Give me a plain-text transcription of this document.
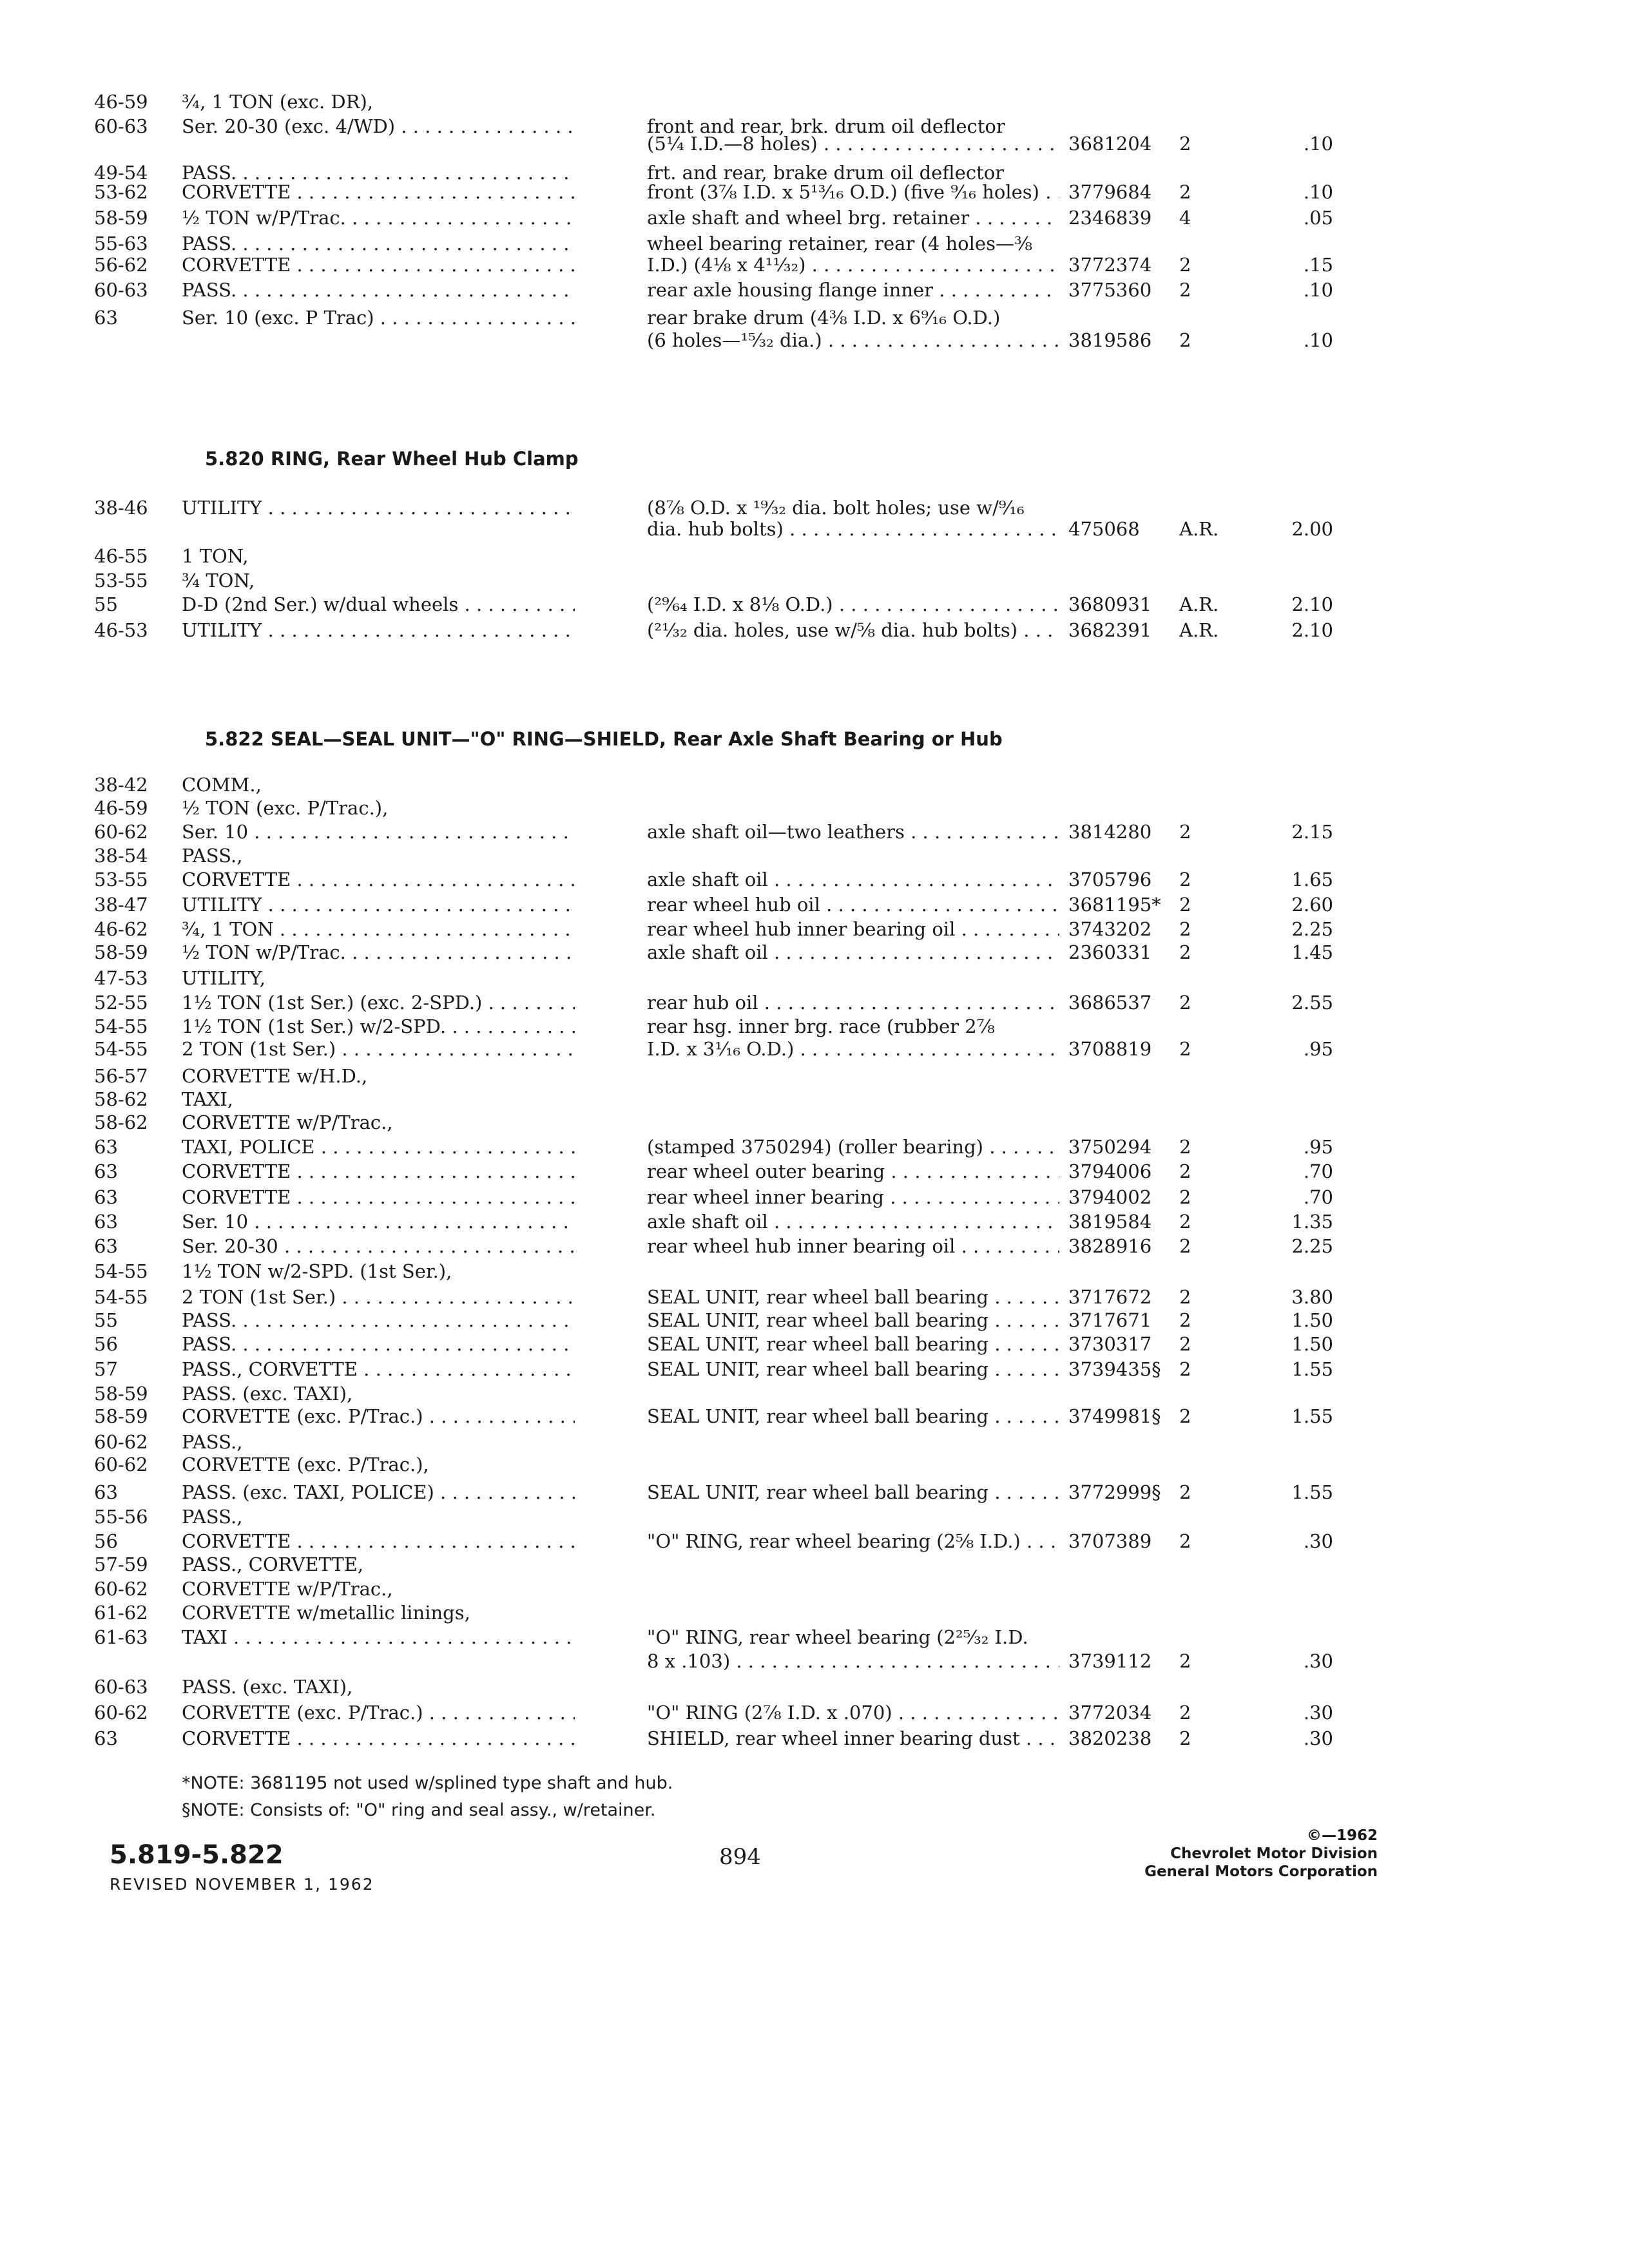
46-59 ¾, 1 TON (exc. DR),
60-63 Ser. 20-30 (exc. 4/WD) . . .	front and rear, brk. drum oil deflector
(5¼ I.D.—8 holes) . . .	3681204 2	.10
49-54 PASS. . . .	frt. and rear, brake drum oil deflector
53-62 CORVETTE . . .	front (3⅞ I.D. x 5¹³⁄₁₆ O.D.) (five ⁹⁄₁₆ holes) . . .	3779684 2	.10
58-59 ½ TON w/P/Trac. . . .	axle shaft and wheel brg. retainer . . .	2346839 4	.05
55-63 PASS. . . .	wheel bearing retainer, rear (4 holes—⅜
56-62 CORVETTE . . .	I.D.) (4⅛ x 4¹¹⁄₃₂) . . .	3772374 2	.15
60-63 PASS. . . .	rear axle housing flange inner . . .	3775360 2	.10
63	Ser. 10 (exc. P Trac) . . .	rear brake drum (4⅜ I.D. x 6⁹⁄₁₆ O.D.)
(6 holes—¹⁵⁄₃₂ dia.) . . .	3819586 2	.10
5.820 RING, Rear Wheel Hub Clamp
38-46 UTILITY . . .	(8⅞ O.D. x ¹⁹⁄₃₂ dia. bolt holes; use w/⁹⁄₁₆
dia. hub bolts) . . .	475068 A.R.	2.00
46-55 1 TON,
53-55 ¾ TON,
55	D-D (2nd Ser.) w/dual wheels . . .	(²⁹⁄₆₄ I.D. x 8⅛ O.D.) . . .	3680931 A.R.	2.10
46-53 UTILITY . . .	(²¹⁄₃₂ dia. holes, use w/⅝ dia. hub bolts) . . .	3682391 A.R.	2.10
5.822 SEAL—SEAL UNIT—"O" RING—SHIELD, Rear Axle Shaft Bearing or Hub
38-42 COMM.,
46-59 ½ TON (exc. P/Trac.),
60-62 Ser. 10 . . .	axle shaft oil—two leathers . . .	3814280 2	2.15
38-54 PASS.,
53-55 CORVETTE . . .	axle shaft oil . . .	3705796 2	1.65
38-47 UTILITY . . .	rear wheel hub oil . . .	3681195* 2	2.60
46-62 ¾, 1 TON . . .	rear wheel hub inner bearing oil . . .	3743202 2	2.25
58-59 ½ TON w/P/Trac. . . .	axle shaft oil . . .	2360331 2	1.45
47-53 UTILITY,
52-55 1½ TON (1st Ser.) (exc. 2-SPD.) . . .	rear hub oil . . .	3686537 2	2.55
54-55 1½ TON (1st Ser.) w/2-SPD. . . .	rear hsg. inner brg. race (rubber 2⅞
54-55 2 TON (1st Ser.) . . .	I.D. x 3¹⁄₁₆ O.D.) . . .	3708819 2	.95
56-57 CORVETTE w/H.D.,
58-62 TAXI,
58-62 CORVETTE w/P/Trac.,
63	TAXI, POLICE . . .	(stamped 3750294) (roller bearing) . . .	3750294 2	.95
63	CORVETTE . . .	rear wheel outer bearing . . .	3794006 2	.70
63	CORVETTE . . .	rear wheel inner bearing . . .	3794002 2	.70
63	Ser. 10 . . .	axle shaft oil . . .	3819584 2	1.35
63	Ser. 20-30 . . .	rear wheel hub inner bearing oil . . .	3828916 2	2.25
54-55 1½ TON w/2-SPD. (1st Ser.),
54-55 2 TON (1st Ser.) . . .	SEAL UNIT, rear wheel ball bearing . . .	3717672 2	3.80
55	PASS. . . .	SEAL UNIT, rear wheel ball bearing . . .	3717671 2	1.50
56	PASS. . . .	SEAL UNIT, rear wheel ball bearing . . .	3730317 2	1.50
57	PASS., CORVETTE . . .	SEAL UNIT, rear wheel ball bearing . . .	3739435§ 2	1.55
58-59 PASS. (exc. TAXI),
58-59 CORVETTE (exc. P/Trac.) . . .	SEAL UNIT, rear wheel ball bearing . . .	3749981§ 2	1.55
60-62 PASS.,
60-62 CORVETTE (exc. P/Trac.),
63	PASS. (exc. TAXI, POLICE) . . .	SEAL UNIT, rear wheel ball bearing . . .	3772999§ 2	1.55
55-56 PASS.,
56	CORVETTE . . .	"O" RING, rear wheel bearing (2⅝ I.D.) . . .	3707389 2	.30
57-59 PASS., CORVETTE,
60-62 CORVETTE w/P/Trac.,
61-62 CORVETTE w/metallic linings,
61-63 TAXI . . .	"O" RING, rear wheel bearing (2²⁵⁄₃₂ I.D.
8 x .103) . . .	3739112 2	.30
60-63 PASS. (exc. TAXI),
60-62 CORVETTE (exc. P/Trac.) . . .	"O" RING (2⅞ I.D. x .070) . . .	3772034 2	.30
63	CORVETTE . . .	SHIELD, rear wheel inner bearing dust . . .	3820238 2	.30
*NOTE: 3681195 not used w/splined type shaft and hub.
§NOTE: Consists of: "O" ring and seal assy., w/retainer.
5.819-5.822
REVISED NOVEMBER 1, 1962
894
©—1962
Chevrolet Motor Division
General Motors Corporation
